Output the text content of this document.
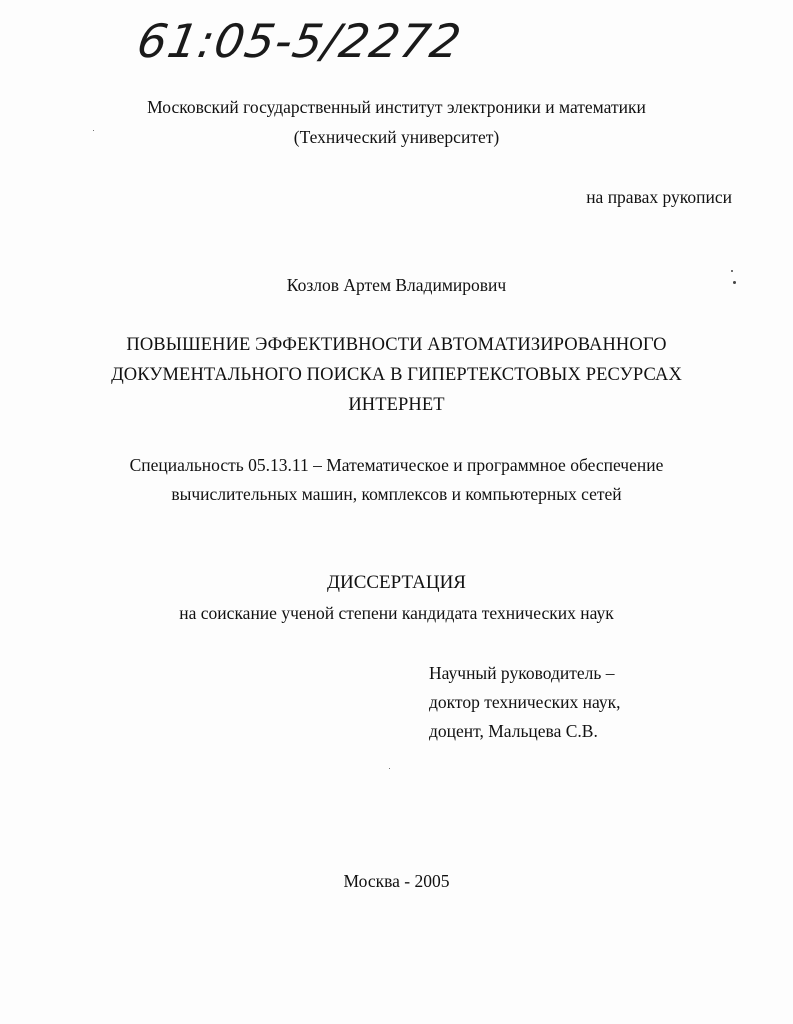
61:05-5/2272
Московский государственный институт электроники и математики
(Технический университет)
на правах рукописи
Козлов Артем Владимирович
ПОВЫШЕНИЕ ЭФФЕКТИВНОСТИ АВТОМАТИЗИРОВАННОГО
ДОКУМЕНТАЛЬНОГО ПОИСКА В ГИПЕРТЕКСТОВЫХ РЕСУРСАХ
ИНТЕРНЕТ
Специальность 05.13.11 – Математическое и программное обеспечение
вычислительных машин, комплексов и компьютерных сетей
ДИССЕРТАЦИЯ
на соискание ученой степени кандидата технических наук
Научный руководитель –
доктор технических наук,
доцент, Мальцева С.В.
Москва - 2005
